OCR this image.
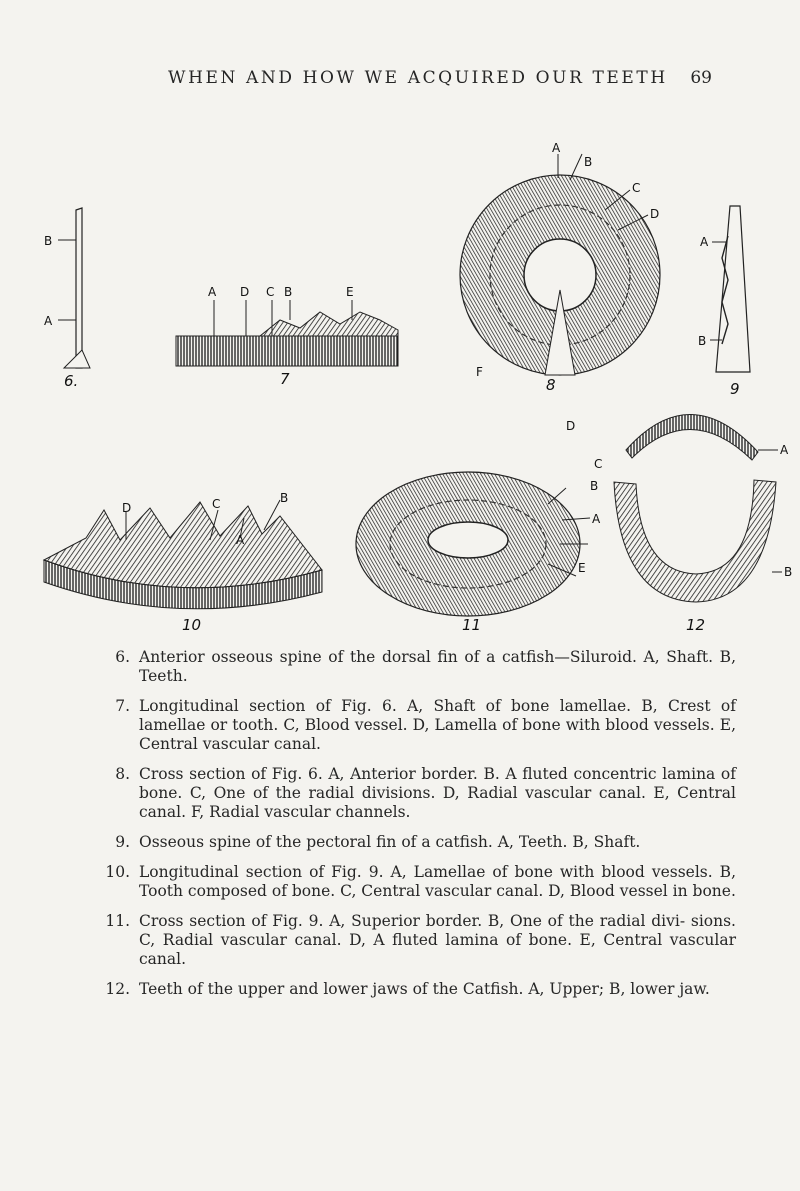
WHEN AND HOW WE ACQUIRED OUR TEETH 69
B
A
6.
A D C B	E
7
A
B
C
D
F
8
A
B
9
D	C
A
B
10
D
C
B
A
E
11
A
B
12
6. Anterior osseous spine of the dorsal fin of a catfish—Siluroid. A, Shaft. B, Teeth.
7. Longitudinal section of Fig. 6. A, Shaft of bone lamellae. B, Crest of lamellae or tooth. C, Blood vessel. D, Lamella of bone with blood vessels. E, Central vascular canal.
8. Cross section of Fig. 6. A, Anterior border. B. A fluted concentric lamina of bone. C, One of the radial divisions. D, Radial vascular canal. E, Central canal. F, Radial vascular channels.
9. Osseous spine of the pectoral fin of a catfish. A, Teeth. B, Shaft.
10. Longitudinal section of Fig. 9. A, Lamellae of bone with blood vessels. B, Tooth composed of bone. C, Central vascular canal. D, Blood vessel in bone.
11. Cross section of Fig. 9. A, Superior border. B, One of the radial divi- sions. C, Radial vascular canal. D, A fluted lamina of bone. E, Central vascular canal.
12. Teeth of the upper and lower jaws of the Catfish. A, Upper; B, lower jaw.
